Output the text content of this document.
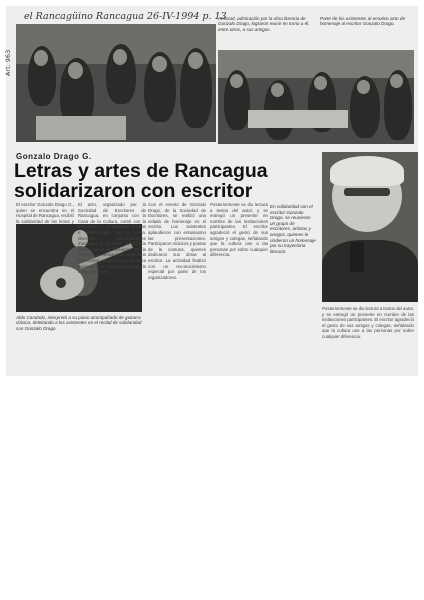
el Rancagüino Rancagua 26-IV-1994 p. 13
Art. 963
Amistad, admiración por la obra literaria de Gonzalo Drago, lograron reunir en torno a él, entre otros, a sus amigos.
Parte de los asistentes al emotivo acto de homenaje al escritor Gonzalo Drago.
Gonzalo Drago G.
Letras y artes de Rancagua
solidarizaron con escritor
En solidaridad con el escritor Gonzalo Drago, se reunieron un grupo de escritores, artistas y amigos, quienes le rindieron un homenaje por su trayectoria literaria.

El escritor Gonzalo Drago G., quien se encuentra en el Hospital de Rancagua, recibió la solidaridad de las letras y

Aldo Candado, interpretó a su piano acompañado de guitarra clásica, deleitando a los asistentes en el recital de solidaridad con Gonzalo Drago.

El acto, organizado por la Sociedad de Escritores de Rancagua, en conjunto con la Casa de la Cultura, contó con la presencia de autoridades, artistas e intelectuales de la zona. Diversas presentaciones musicales y lecturas de poesía dieron marco al encuentro. En la ocasión se destacó la trayectoria del escritor, su aporte a la literatura nacional y su compromiso con la cultura regional.

Con el evento de Gonzalo Drago, de la Sociedad de Escritores, se realizó una velada de homenaje en el recinto. Los asistentes aplaudieron con entusiasmo las presentaciones. Participaron músicos y poetas de la comuna, quienes dedicaron sus obras al escritor. La actividad finalizó con un reconocimiento especial por parte de los organizadores.

Posteriormente se dio lectura a textos del autor, y se entregó un presente en nombre de las instituciones participantes. El escritor agradeció el gesto de sus amigos y colegas, señalando que la cultura une a las personas por sobre cualquier diferencia.

Posteriormente se dio lectura a textos del autor, y se entregó un presente en nombre de las instituciones participantes. El escritor agradeció el gesto de sus amigos y colegas, señalando que la cultura une a las personas por sobre cualquier diferencia.
